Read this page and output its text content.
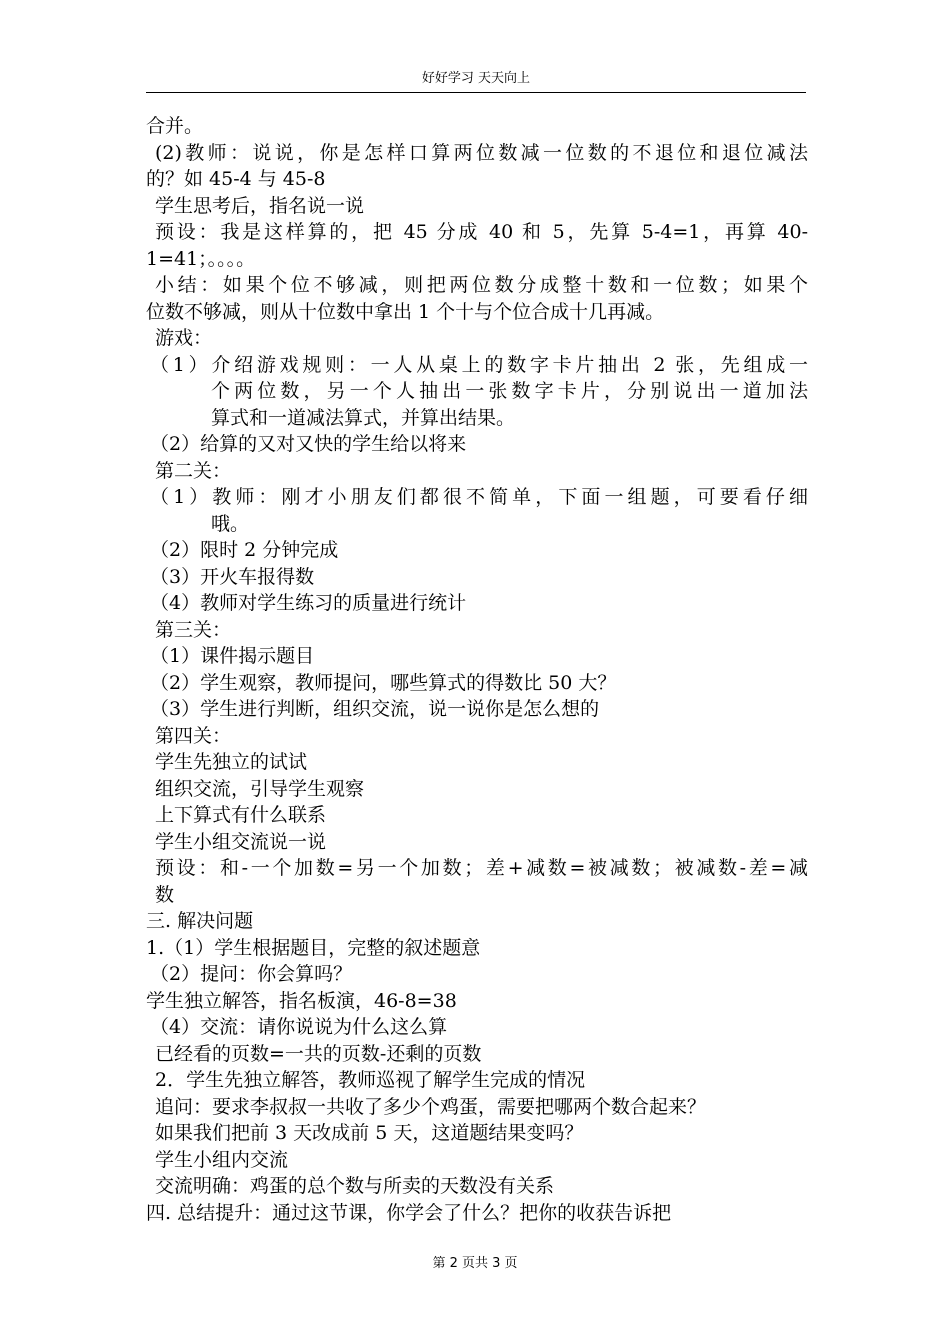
好好学习 天天向上
合并。
(2)教师：说说，你是怎样口算两位数减一位数的不退位和退位减法
的？如 45-4 与 45-8
学生思考后，指名说一说
预设：我是这样算的，把 45 分成 40 和 5，先算 5-4=1，再算 40-
1=41；。。。。
小结：如果个位不够减，则把两位数分成整十数和一位数；如果个
位数不够减，则从十位数中拿出 1 个十与个位合成十几再减。
游戏：
（1）介绍游戏规则：一人从桌上的数字卡片抽出 2 张，先组成一
个两位数，另一个人抽出一张数字卡片，分别说出一道加法
算式和一道减法算式，并算出结果。
（2）给算的又对又快的学生给以将来
第二关：
（1）教师：刚才小朋友们都很不简单，下面一组题，可要看仔细
哦。
（2）限时 2 分钟完成
（3）开火车报得数
（4）教师对学生练习的质量进行统计
第三关：
（1）课件揭示题目
（2）学生观察，教师提问，哪些算式的得数比 50 大？
（3）学生进行判断，组织交流，说一说你是怎么想的
第四关：
学生先独立的试试
组织交流，引导学生观察
上下算式有什么联系
学生小组交流说一说
预设：和-一个加数=另一个加数；差+减数=被减数；被减数-差=减
数
三. 解决问题
1.（1）学生根据题目，完整的叙述题意
（2）提问：你会算吗？
学生独立解答，指名板演，46-8=38
（4）交流：请你说说为什么这么算
已经看的页数=一共的页数-还剩的页数
2．学生先独立解答，教师巡视了解学生完成的情况
追问：要求李叔叔一共收了多少个鸡蛋，需要把哪两个数合起来？
如果我们把前 3 天改成前 5 天，这道题结果变吗？
学生小组内交流
交流明确：鸡蛋的总个数与所卖的天数没有关系
四. 总结提升：通过这节课，你学会了什么？把你的收获告诉把
第 2 页共 3 页
